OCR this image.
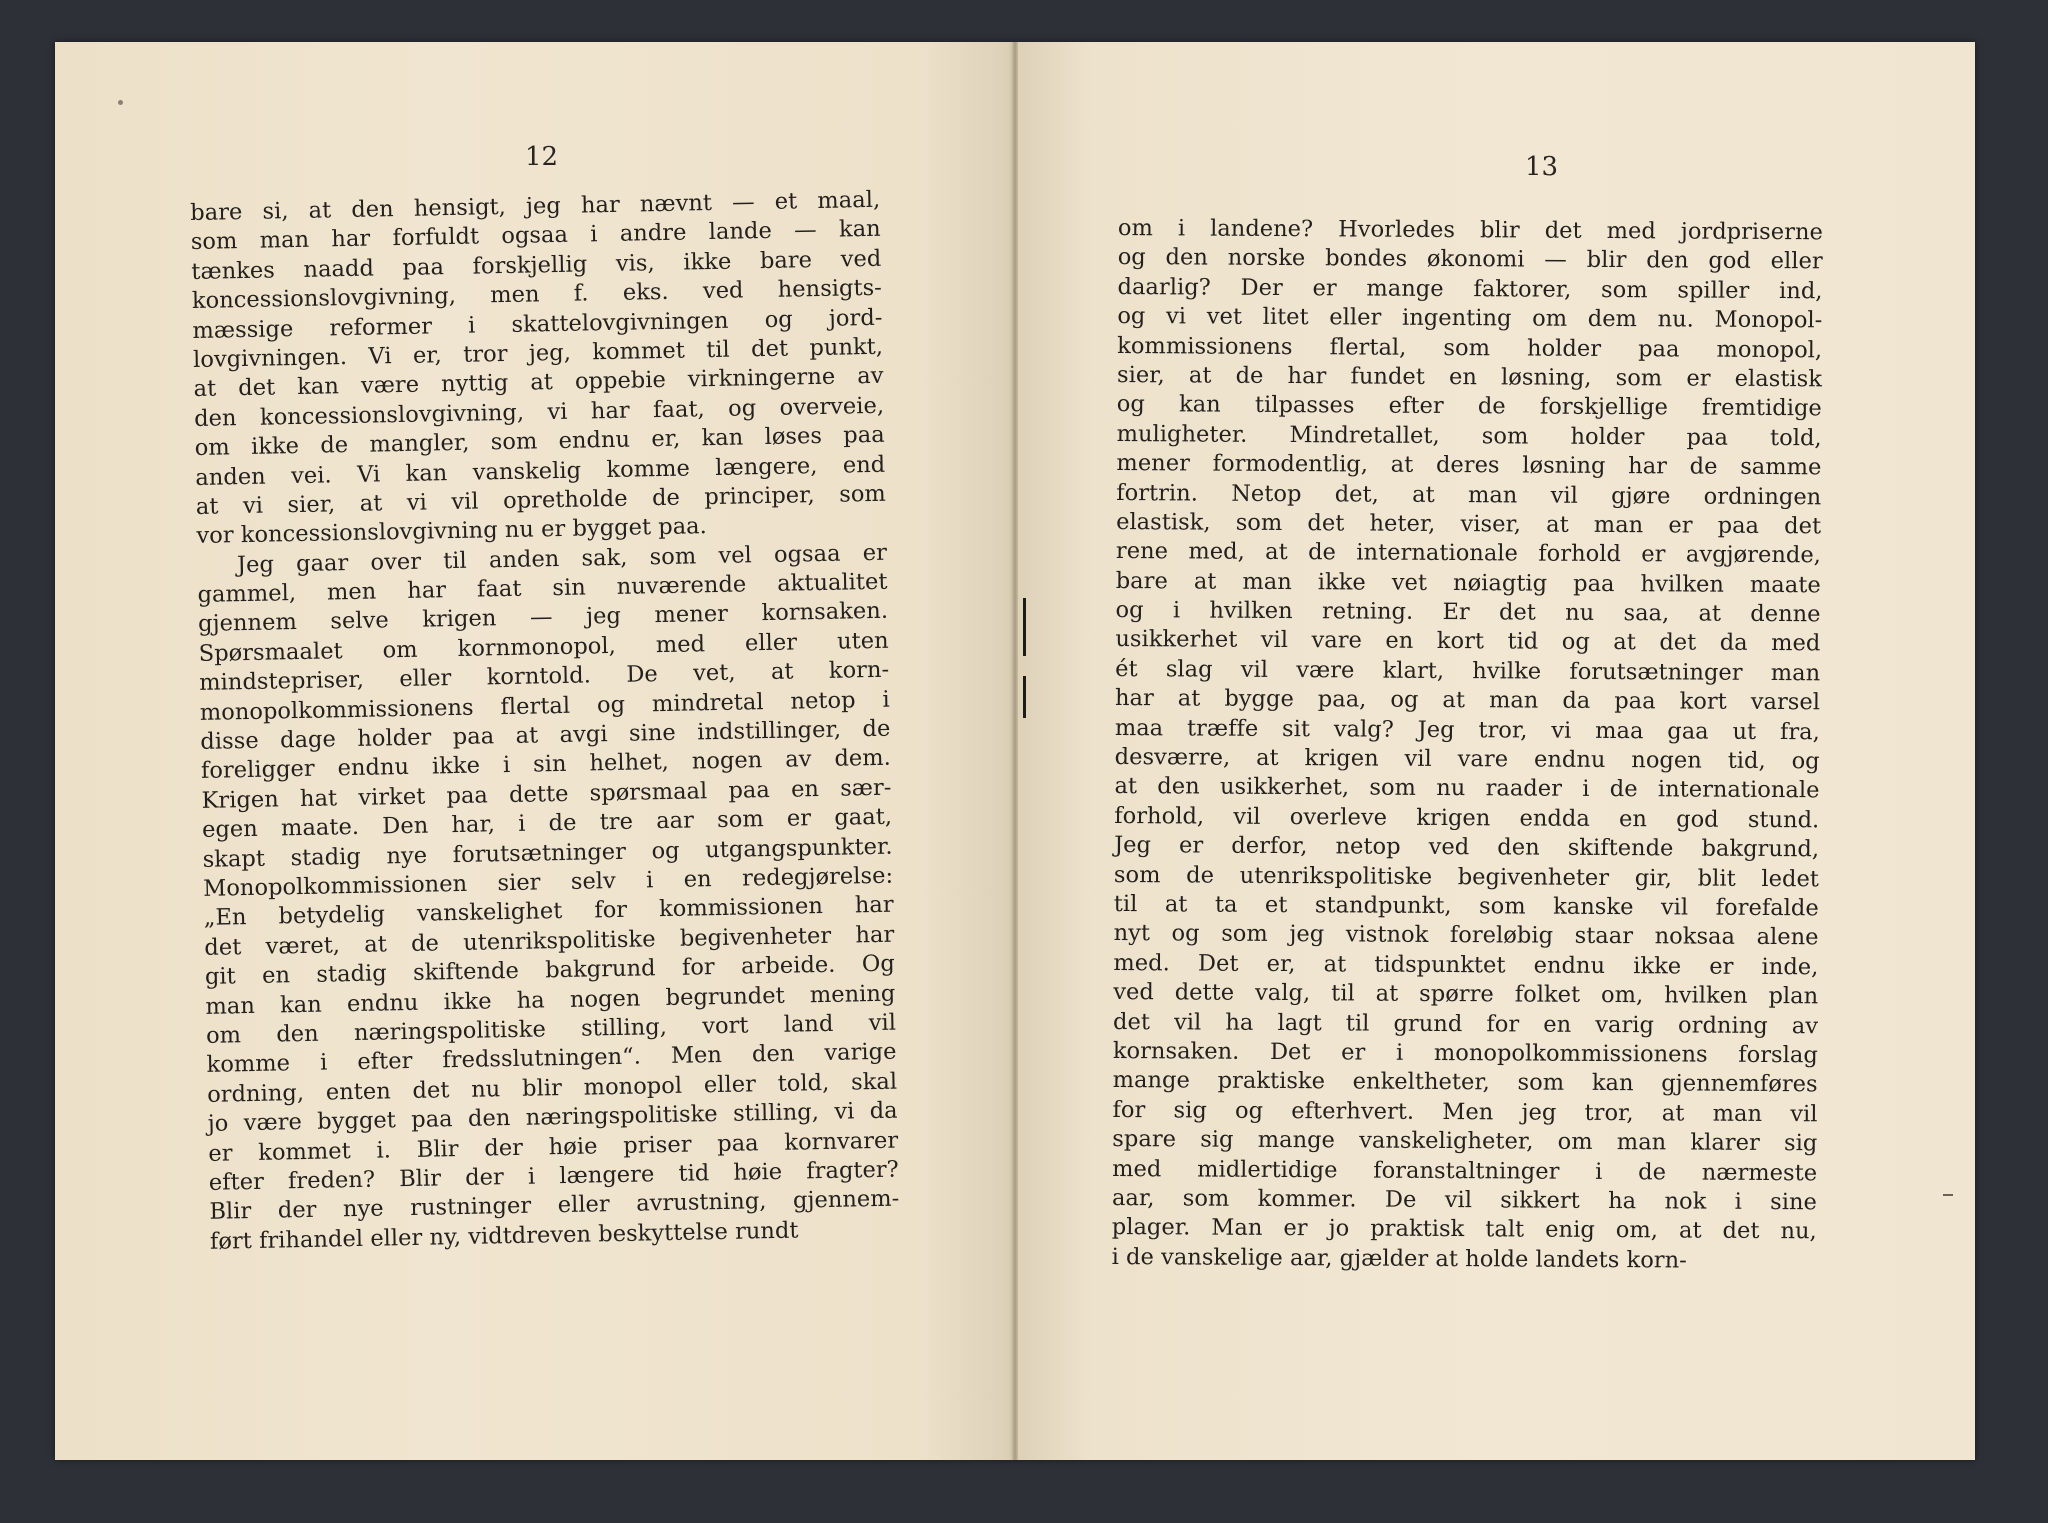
12
bare si, at den hensigt, jeg har nævnt — et maal,
som man har forfuldt ogsaa i andre lande — kan
tænkes naadd paa forskjellig vis, ikke bare ved
koncessionslovgivning, men f. eks. ved hensigts-
mæssige reformer i skattelovgivningen og jord-
lovgivningen. Vi er, tror jeg, kommet til det punkt,
at det kan være nyttig at oppebie virkningerne av
den koncessionslovgivning, vi har faat, og overveie,
om ikke de mangler, som endnu er, kan løses paa
anden vei. Vi kan vanskelig komme længere, end
at vi sier, at vi vil opretholde de principer, som
vor koncessionslovgivning nu er bygget paa.
Jeg gaar over til anden sak, som vel ogsaa er
gammel, men har faat sin nuværende aktualitet
gjennem selve krigen — jeg mener kornsaken.
Spørsmaalet om kornmonopol, med eller uten
mindstepriser, eller korntold. De vet, at korn-
monopolkommissionens flertal og mindretal netop i
disse dage holder paa at avgi sine indstillinger, de
foreligger endnu ikke i sin helhet, nogen av dem.
Krigen hat virket paa dette spørsmaal paa en sær-
egen maate. Den har, i de tre aar som er gaat,
skapt stadig nye forutsætninger og utgangspunkter.
Monopolkommissionen sier selv i en redegjørelse:
„En betydelig vanskelighet for kommissionen har
det været, at de utenrikspolitiske begivenheter har
git en stadig skiftende bakgrund for arbeide. Og
man kan endnu ikke ha nogen begrundet mening
om den næringspolitiske stilling, vort land vil
komme i efter fredsslutningen“. Men den varige
ordning, enten det nu blir monopol eller told, skal
jo være bygget paa den næringspolitiske stilling, vi da
er kommet i. Blir der høie priser paa kornvarer
efter freden? Blir der i længere tid høie fragter?
Blir der nye rustninger eller avrustning, gjennem-
ført frihandel eller ny, vidtdreven beskyttelse rundt
13
om i landene? Hvorledes blir det med jordpriserne
og den norske bondes økonomi — blir den god eller
daarlig? Der er mange faktorer, som spiller ind,
og vi vet litet eller ingenting om dem nu. Monopol-
kommissionens flertal, som holder paa monopol,
sier, at de har fundet en løsning, som er elastisk
og kan tilpasses efter de forskjellige fremtidige
muligheter. Mindretallet, som holder paa told,
mener formodentlig, at deres løsning har de samme
fortrin. Netop det, at man vil gjøre ordningen
elastisk, som det heter, viser, at man er paa det
rene med, at de internationale forhold er avgjørende,
bare at man ikke vet nøiagtig paa hvilken maate
og i hvilken retning. Er det nu saa, at denne
usikkerhet vil vare en kort tid og at det da med
ét slag vil være klart, hvilke forutsætninger man
har at bygge paa, og at man da paa kort varsel
maa træffe sit valg? Jeg tror, vi maa gaa ut fra,
desværre, at krigen vil vare endnu nogen tid, og
at den usikkerhet, som nu raader i de internationale
forhold, vil overleve krigen endda en god stund.
Jeg er derfor, netop ved den skiftende bakgrund,
som de utenrikspolitiske begivenheter gir, blit ledet
til at ta et standpunkt, som kanske vil forefalde
nyt og som jeg vistnok foreløbig staar noksaa alene
med. Det er, at tidspunktet endnu ikke er inde,
ved dette valg, til at spørre folket om, hvilken plan
det vil ha lagt til grund for en varig ordning av
kornsaken. Det er i monopolkommissionens forslag
mange praktiske enkeltheter, som kan gjennemføres
for sig og efterhvert. Men jeg tror, at man vil
spare sig mange vanskeligheter, om man klarer sig
med midlertidige foranstaltninger i de nærmeste
aar, som kommer. De vil sikkert ha nok i sine
plager. Man er jo praktisk talt enig om, at det nu,
i de vanskelige aar, gjælder at holde landets korn-
